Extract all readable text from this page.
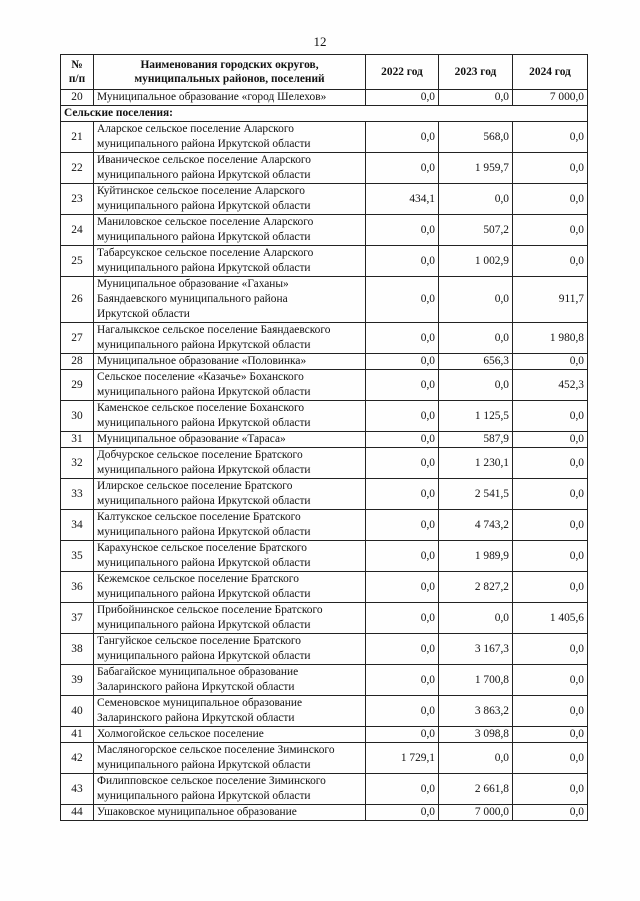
12
№
п/п	Наименования городских округов,
муниципальных районов, поселений	2022 год	2023 год	2024 год
20	Муниципальное образование «город Шелехов»	0,0	0,0	7 000,0
Сельские поселения:				
21	Аларское сельское поселение Аларского
муниципального района Иркутской области	0,0	568,0	0,0
22	Иваническое сельское поселение Аларского
муниципального района Иркутской области	0,0	1 959,7	0,0
23	Куйтинское сельское поселение Аларского
муниципального района Иркутской области	434,1	0,0	0,0
24	Маниловское сельское поселение Аларского
муниципального района Иркутской области	0,0	507,2	0,0
25	Табарсукское сельское поселение Аларского
муниципального района Иркутской области	0,0	1 002,9	0,0
26	Муниципальное образование «Гаханы»
Баяндаевского муниципального района
Иркутской области	0,0	0,0	911,7
27	Нагалыкское сельское поселение Баяндаевского
муниципального района Иркутской области	0,0	0,0	1 980,8
28	Муниципальное образование «Половинка»	0,0	656,3	0,0
29	Сельское поселение «Казачье» Боханского
муниципального района Иркутской области	0,0	0,0	452,3
30	Каменское сельское поселение Боханского
муниципального района Иркутской области	0,0	1 125,5	0,0
31	Муниципальное образование «Тараса»	0,0	587,9	0,0
32	Добчурское сельское поселение Братского
муниципального района Иркутской области	0,0	1 230,1	0,0
33	Илирское сельское поселение Братского
муниципального района Иркутской области	0,0	2 541,5	0,0
34	Калтукское сельское поселение Братского
муниципального района Иркутской области	0,0	4 743,2	0,0
35	Карахунское сельское поселение Братского
муниципального района Иркутской области	0,0	1 989,9	0,0
36	Кежемское сельское поселение Братского
муниципального района Иркутской области	0,0	2 827,2	0,0
37	Прибойнинское сельское поселение Братского
муниципального района Иркутской области	0,0	0,0	1 405,6
38	Тангуйское сельское поселение Братского
муниципального района Иркутской области	0,0	3 167,3	0,0
39	Бабагайское муниципальное образование
Заларинского района Иркутской области	0,0	1 700,8	0,0
40	Семеновское муниципальное образование
Заларинского района Иркутской области	0,0	3 863,2	0,0
41	Холмогойское сельское поселение	0,0	3 098,8	0,0
42	Масляногорское сельское поселение Зиминского
муниципального района Иркутской области	1 729,1	0,0	0,0
43	Филипповское сельское поселение Зиминского
муниципального района Иркутской области	0,0	2 661,8	0,0
44	Ушаковское муниципальное образование	0,0	7 000,0	0,0
